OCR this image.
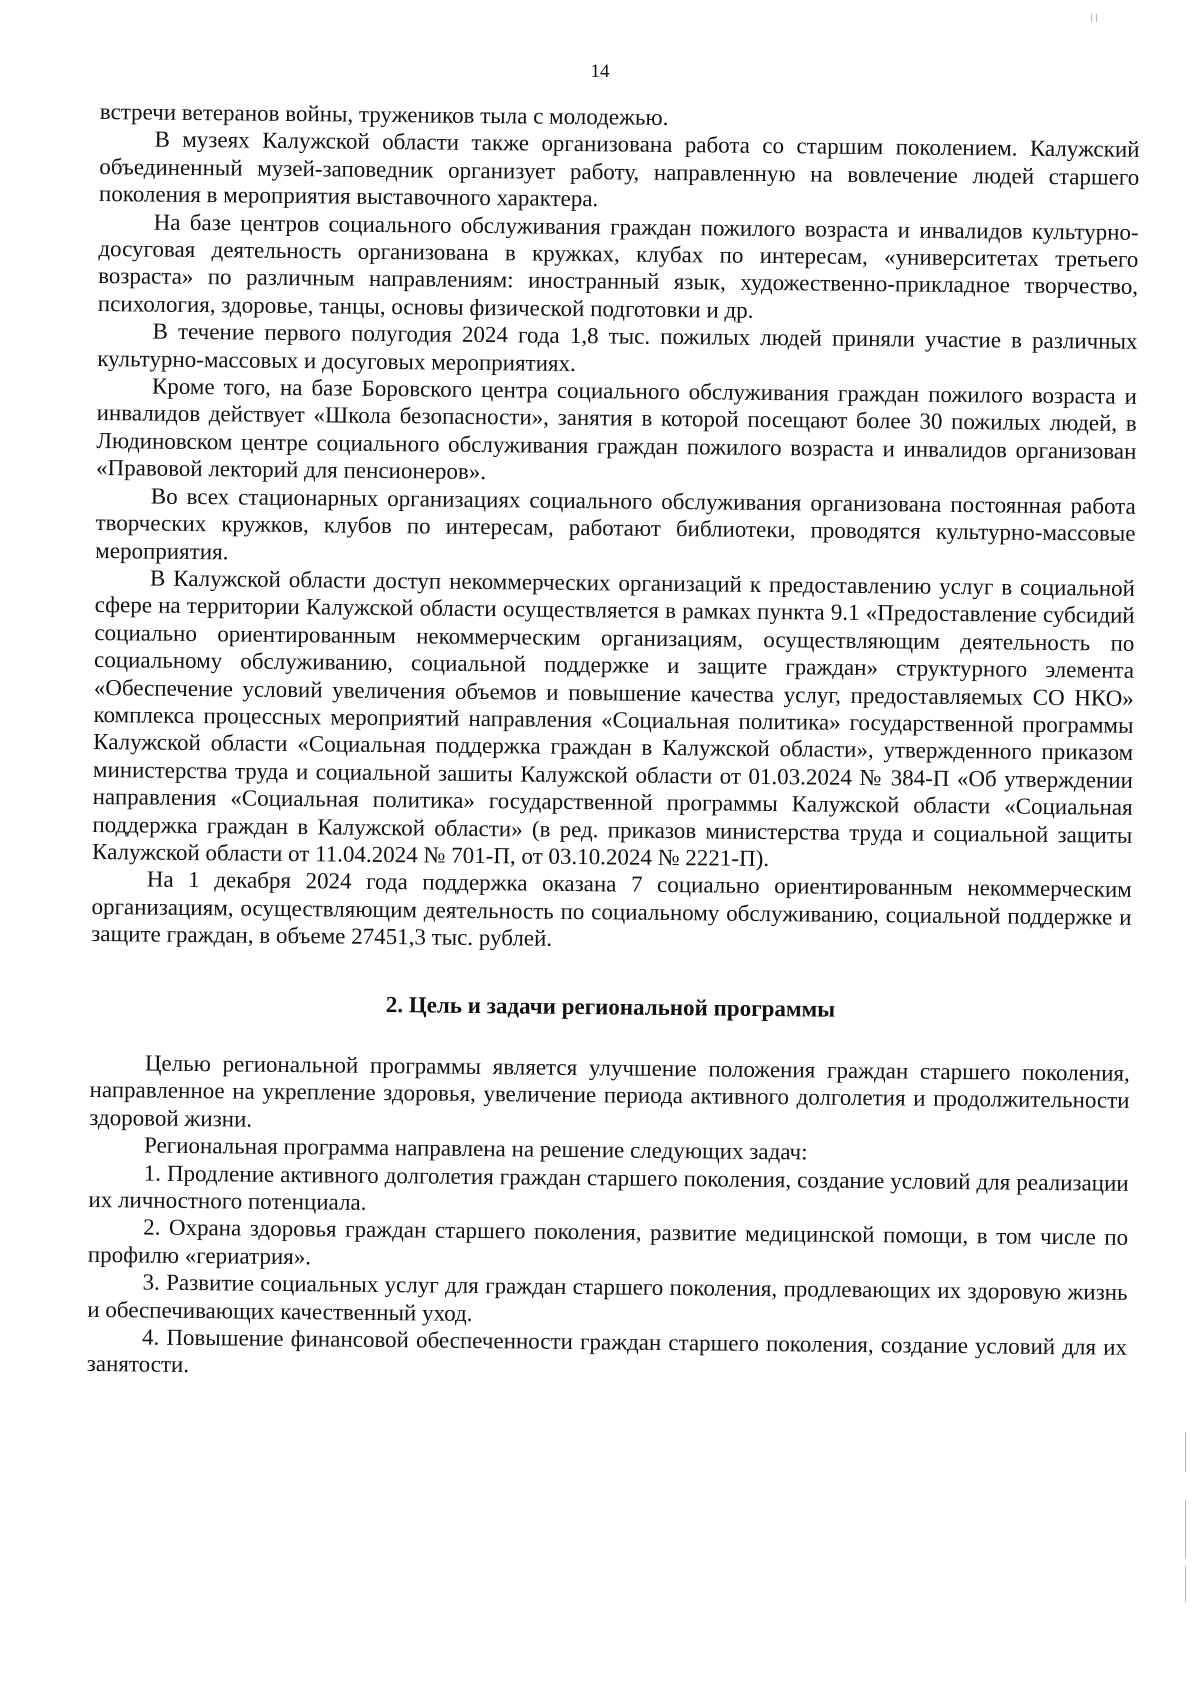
14

встречи ветеранов войны, тружеников тыла с молодежью.

В музеях Калужской области также организована работа со старшим поколением. Калужский объединенный музей-заповедник организует работу, направленную на вовлечение людей старшего поколения в мероприятия выставочного характера.

На базе центров социального обслуживания граждан пожилого возраста и инвалидов культурно-досуговая деятельность организована в кружках, клубах по интересам, «университетах третьего возраста» по различным направлениям: иностранный язык, художественно-прикладное творчество, психология, здоровье, танцы, основы физической подготовки и др.

В течение первого полугодия 2024 года 1,8 тыс. пожилых людей приняли участие в различных культурно-массовых и досуговых мероприятиях.

Кроме того, на базе Боровского центра социального обслуживания граждан пожилого возраста и инвалидов действует «Школа безопасности», занятия в которой посещают более 30 пожилых людей, в Людиновском центре социального обслуживания граждан пожилого возраста и инвалидов организован «Правовой лекторий для пенсионеров».

Во всех стационарных организациях социального обслуживания организована постоянная работа творческих кружков, клубов по интересам, работают библиотеки, проводятся культурно-массовые мероприятия.

В Калужской области доступ некоммерческих организаций к предоставлению услуг в социальной сфере на территории Калужской области осуществляется в рамках пункта 9.1 «Предоставление субсидий социально ориентированным некоммерческим организациям, осуществляющим деятельность по социальному обслуживанию, социальной поддержке и защите граждан» структурного элемента «Обеспечение условий увеличения объемов и повышение качества услуг, предоставляемых СО НКО» комплекса процессных мероприятий направления «Социальная политика» государственной программы Калужской области «Социальная поддержка граждан в Калужской области», утвержденного приказом министерства труда и социальной зашиты Калужской области от 01.03.2024 № 384-П «Об утверждении направления «Социальная политика» государственной программы Калужской области «Социальная поддержка граждан в Калужской области» (в ред. приказов министерства труда и социальной защиты Калужской области от 11.04.2024 № 701-П, от 03.10.2024 № 2221-П).

На 1 декабря 2024 года поддержка оказана 7 социально ориентированным некоммерческим организациям, осуществляющим деятельность по социальному обслуживанию, социальной поддержке и защите граждан, в объеме 27451,3 тыс. рублей.

2. Цель и задачи региональной программы

Целью региональной программы является улучшение положения граждан старшего поколения, направленное на укрепление здоровья, увеличение периода активного долголетия и продолжительности здоровой жизни.

Региональная программа направлена на решение следующих задач:

1. Продление активного долголетия граждан старшего поколения, создание условий для реализации их личностного потенциала.

2. Охрана здоровья граждан старшего поколения, развитие медицинской помощи, в том числе по профилю «гериатрия».

3. Развитие социальных услуг для граждан старшего поколения, продлевающих их здоровую жизнь и обеспечивающих качественный уход.

4. Повышение финансовой обеспеченности граждан старшего поколения, создание условий для их занятости.
